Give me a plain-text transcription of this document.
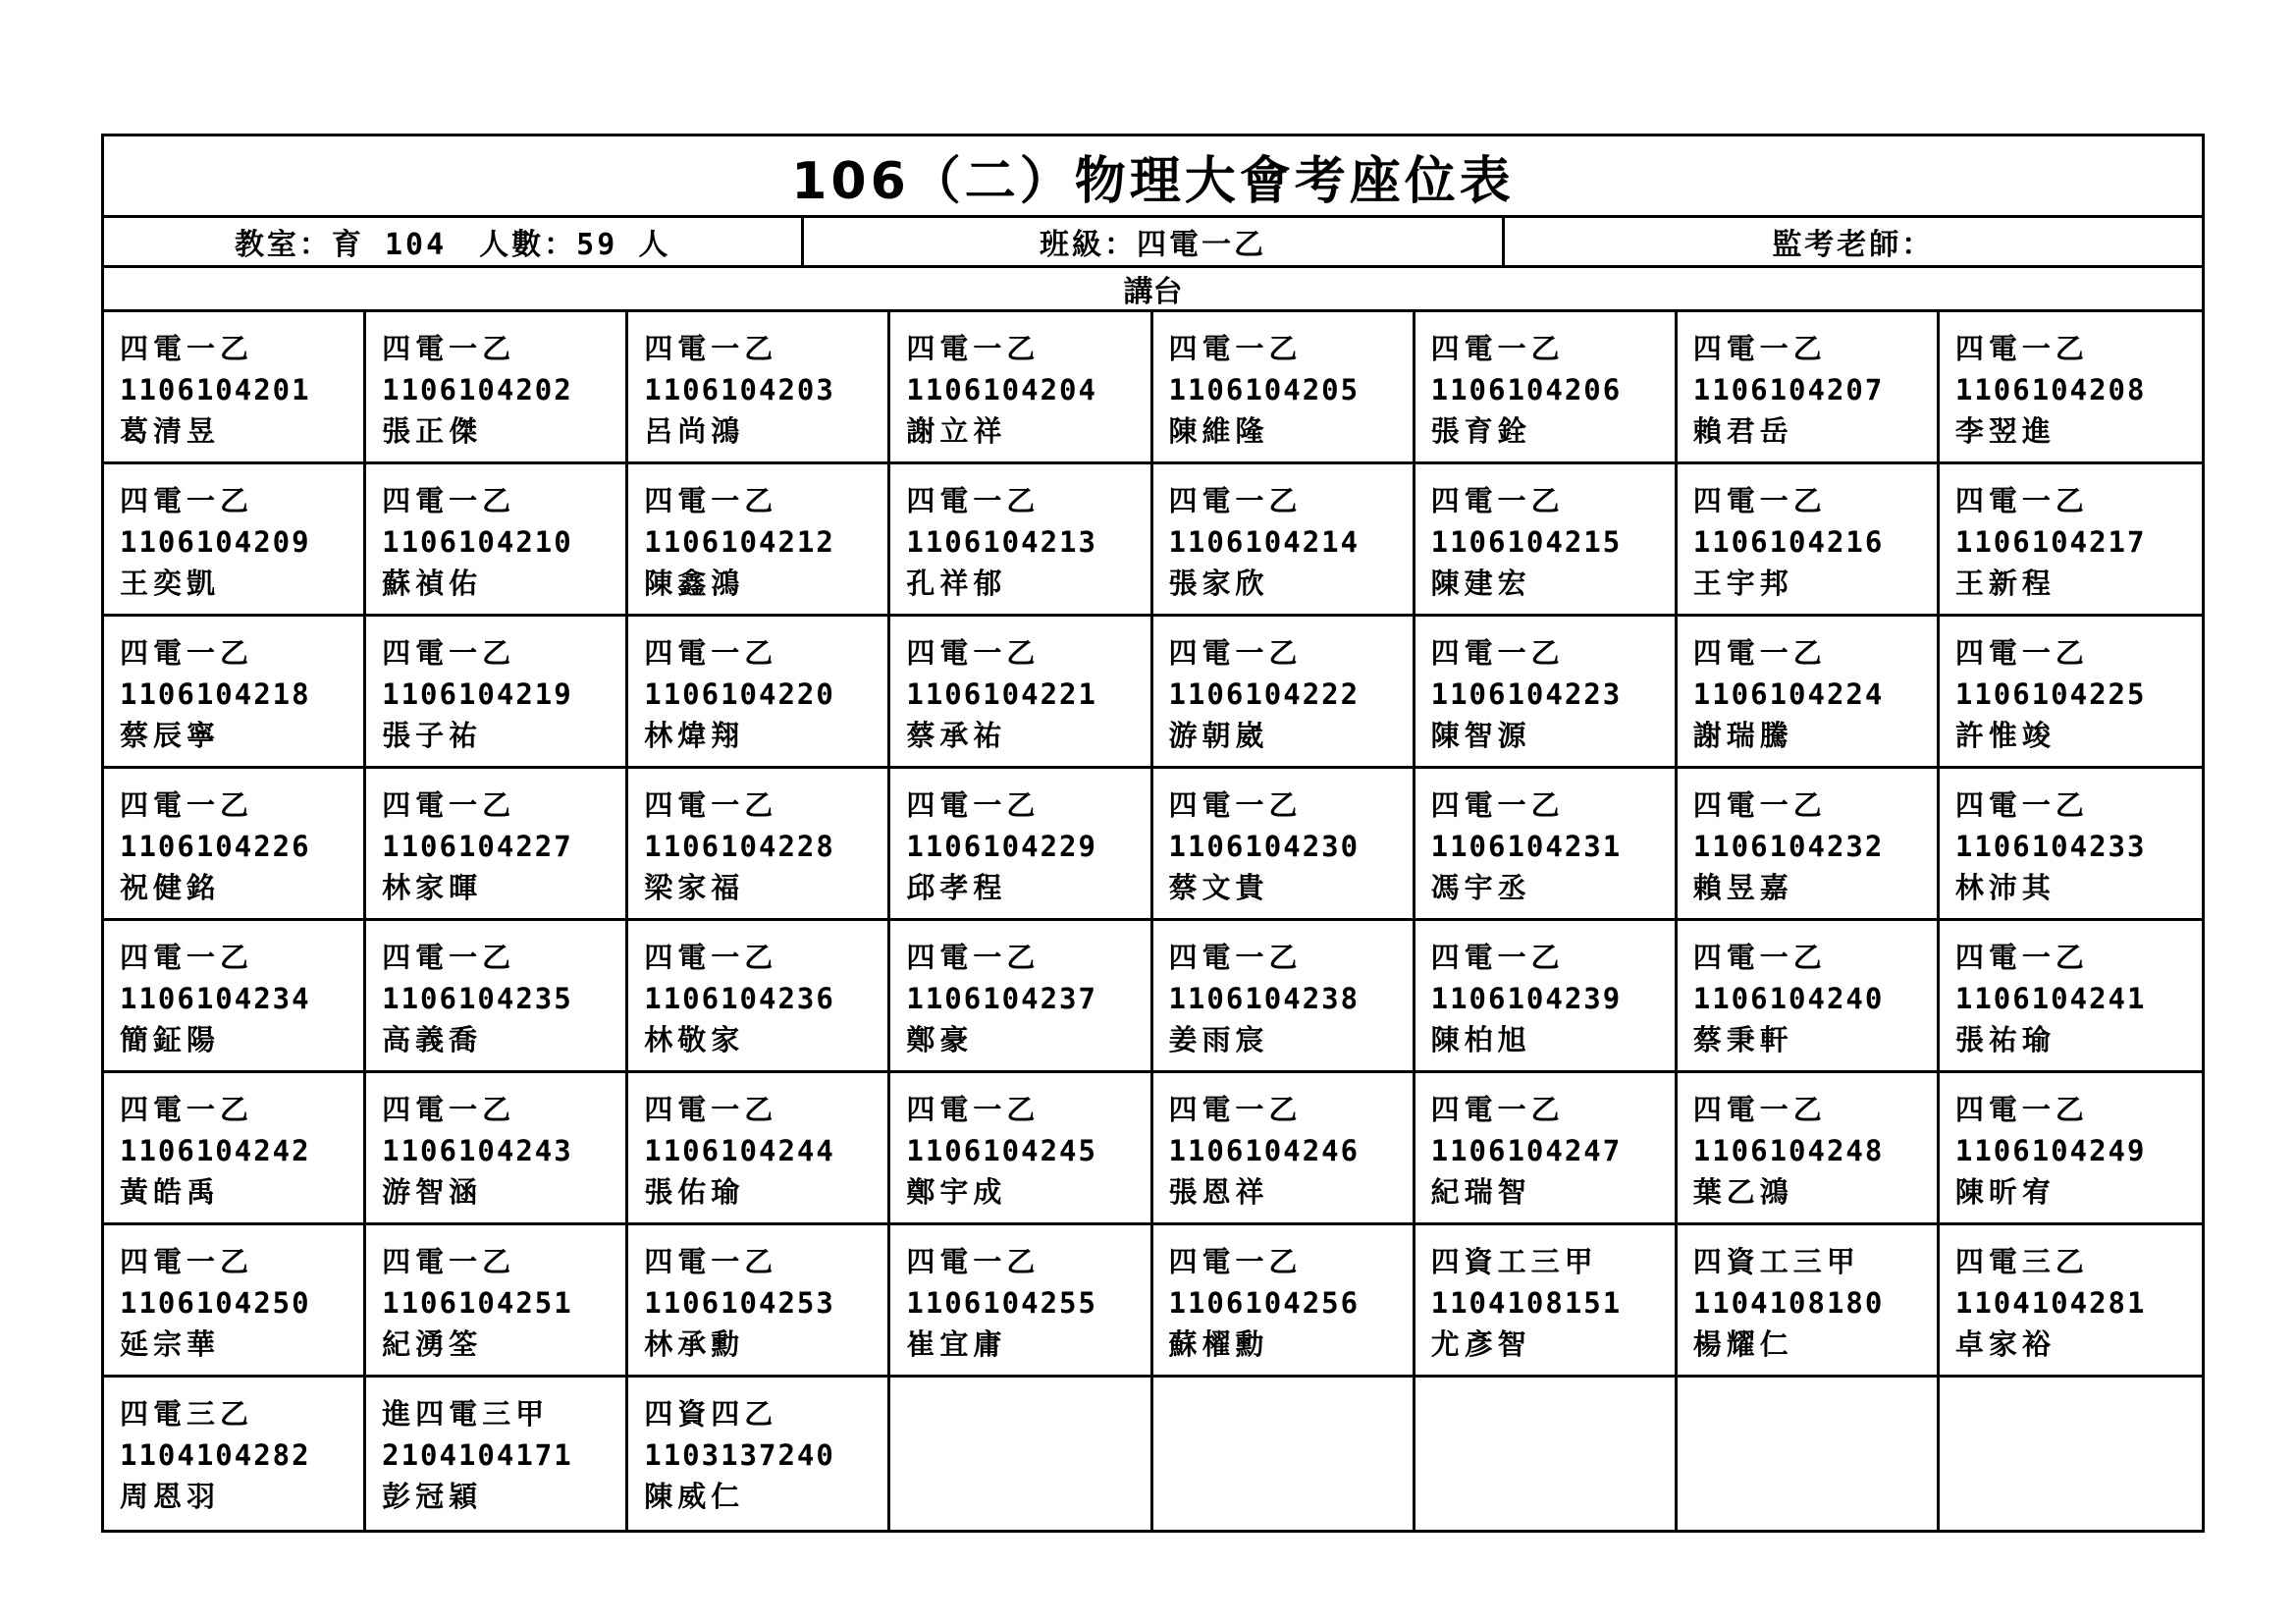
106（二）物理大會考座位表
教室：育 104　人數：59 人	班級：四電一乙	監考老師：
講台
四電一乙
1106104201
葛清昱
四電一乙
1106104202
張正傑
四電一乙
1106104203
呂尚鴻
四電一乙
1106104204
謝立祥
四電一乙
1106104205
陳維隆
四電一乙
1106104206
張育銓
四電一乙
1106104207
賴君岳
四電一乙
1106104208
李翌進
四電一乙
1106104209
王奕凱
四電一乙
1106104210
蘇禎佑
四電一乙
1106104212
陳鑫鴻
四電一乙
1106104213
孔祥郁
四電一乙
1106104214
張家欣
四電一乙
1106104215
陳建宏
四電一乙
1106104216
王宇邦
四電一乙
1106104217
王新程
四電一乙
1106104218
蔡辰寧
四電一乙
1106104219
張子祐
四電一乙
1106104220
林煒翔
四電一乙
1106104221
蔡承祐
四電一乙
1106104222
游朝崴
四電一乙
1106104223
陳智源
四電一乙
1106104224
謝瑞騰
四電一乙
1106104225
許惟竣
四電一乙
1106104226
祝健銘
四電一乙
1106104227
林家暉
四電一乙
1106104228
梁家福
四電一乙
1106104229
邱孝程
四電一乙
1106104230
蔡文貴
四電一乙
1106104231
馮宇丞
四電一乙
1106104232
賴昱嘉
四電一乙
1106104233
林沛其
四電一乙
1106104234
簡鉦陽
四電一乙
1106104235
高義喬
四電一乙
1106104236
林敬家
四電一乙
1106104237
鄭豪
四電一乙
1106104238
姜雨宸
四電一乙
1106104239
陳柏旭
四電一乙
1106104240
蔡秉軒
四電一乙
1106104241
張祐瑜
四電一乙
1106104242
黃皓禹
四電一乙
1106104243
游智涵
四電一乙
1106104244
張佑瑜
四電一乙
1106104245
鄭宇成
四電一乙
1106104246
張恩祥
四電一乙
1106104247
紀瑞智
四電一乙
1106104248
葉乙鴻
四電一乙
1106104249
陳昕宥
四電一乙
1106104250
延宗華
四電一乙
1106104251
紀湧筌
四電一乙
1106104253
林承勳
四電一乙
1106104255
崔宜庸
四電一乙
1106104256
蘇櫂勳
四資工三甲
1104108151
尤彥智
四資工三甲
1104108180
楊耀仁
四電三乙
1104104281
卓家裕
四電三乙
1104104282
周恩羽
進四電三甲
2104104171
彭冠穎
四資四乙
1103137240
陳威仁
